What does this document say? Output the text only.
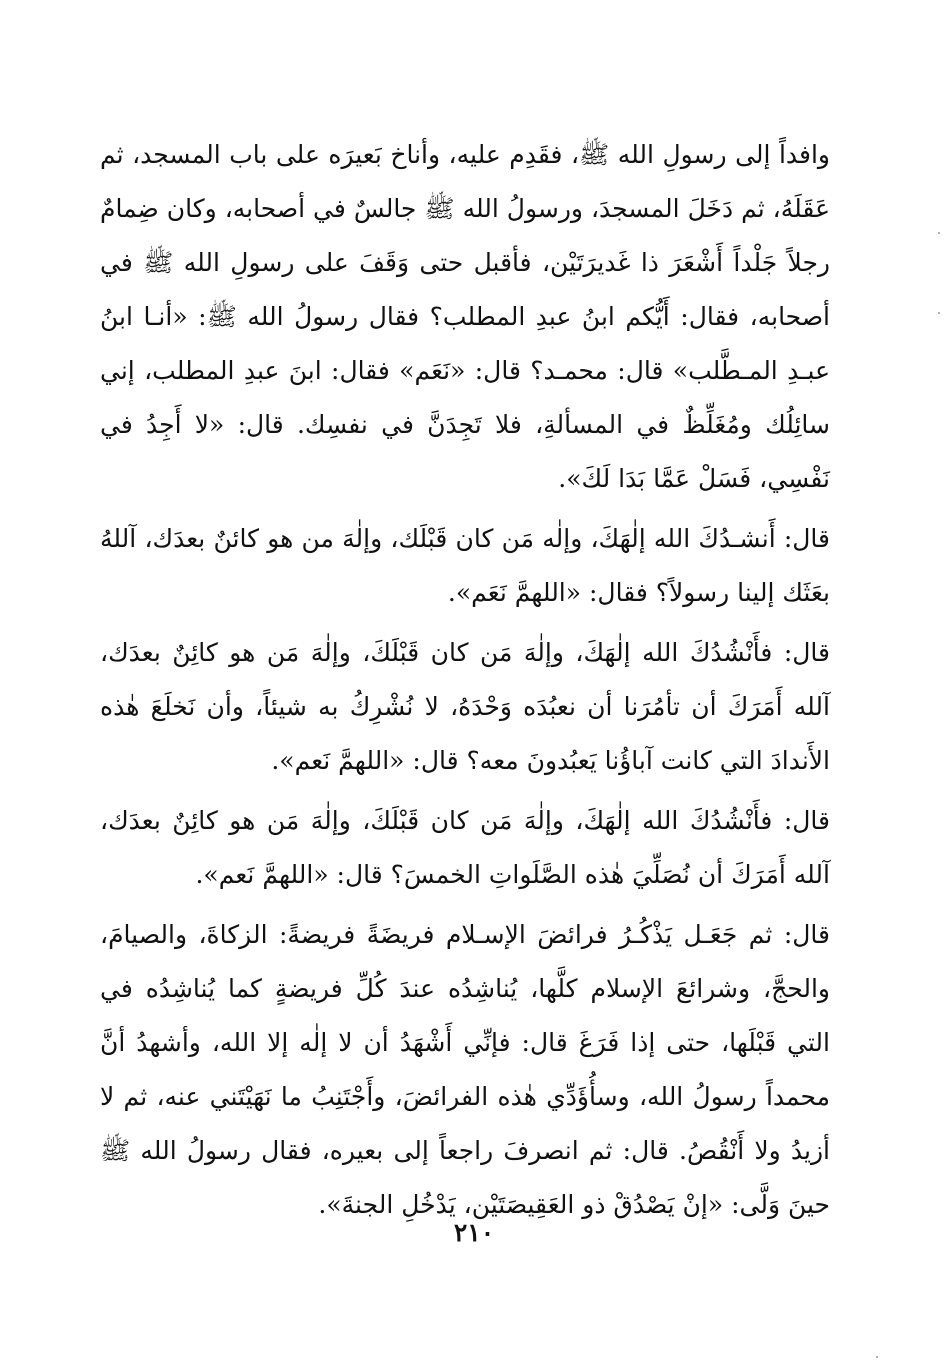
وافداً إلى رسولِ الله ﷺ، فقَدِم عليه، وأناخ بَعيرَه على باب المسجد، ثم عَقَلَهُ، ثم دَخَلَ المسجدَ، ورسولُ الله ﷺ جالسٌ في أصحابه، وكان ضِمامٌ رجلاً جَلْداً أَشْعَرَ ذا غَديرَتَيْن، فأقبل حتى وَقَفَ على رسولِ الله ﷺ في أصحابه، فقال: أَيُّكم ابنُ عبدِ المطلب؟ فقال رسولُ الله ﷺ: «أنـا ابنُ عبـدِ المـطَّلب» قال: محمـد؟ قال: «نَعَم» فقال: ابنَ عبدِ المطلب، إني سائِلُك ومُغَلِّظٌ في المسألةِ، فلا تَجِدَنَّ في نفسِك. قال: «لا أَجِدُ في نَفْسِي، فَسَلْ عَمَّا بَدَا لَكَ».

قال: أَنشـدُكَ الله إلٰهَكَ، وإلٰه مَن كان قَبْلَك، وإلٰهَ من هو كائنٌ بعدَك، آللهُ بعَثَك إلينا رسولاً؟ فقال: «اللهمَّ نَعَم».

قال: فأَنْشُدُكَ الله إلٰهَكَ، وإلٰهَ مَن كان قَبْلَكَ، وإلٰهَ مَن هو كائِنٌ بعدَك، آلله أَمَرَكَ أن تأمُرَنا أن نعبُدَه وَحْدَهُ، لا نُشْرِكُ به شيئاً، وأن نَخلَعَ هٰذه الأَندادَ التي كانت آباؤُنا يَعبُدونَ معه؟ قال: «اللهمَّ نَعم».

قال: فأَنْشُدُكَ الله إلٰهَكَ، وإلٰهَ مَن كان قَبْلَكَ، وإلٰهَ مَن هو كائِنٌ بعدَك، آلله أَمَرَكَ أن نُصَلِّيَ هٰذه الصَّلَواتِ الخمسَ؟ قال: «اللهمَّ نَعم».

قال: ثم جَعَـل يَذْكُـرُ فرائضَ الإسـلام فريضَةً فريضةً: الزكاةَ، والصيامَ، والحجَّ، وشرائعَ الإسلام كلَّها، يُناشِدُه عندَ كُلِّ فريضةٍ كما يُناشِدُه في التي قَبْلَها، حتى إذا فَرَغَ قال: فإنِّي أَشْهَدُ أن لا إلٰه إلا الله، وأشهدُ أنَّ محمداً رسولُ الله، وسأُؤَدِّي هٰذه الفرائضَ، وأَجْتَنِبُ ما نَهَيْتَني عنه، ثم لا أزيدُ ولا أَنْقُصُ. قال: ثم انصرفَ راجعاً إلى بعيره، فقال رسولُ الله ﷺ حينَ وَلَّى: «إنْ يَصْدُقْ ذو العَقِيصَتَيْن، يَدْخُلِ الجنةَ».

٢١٠
